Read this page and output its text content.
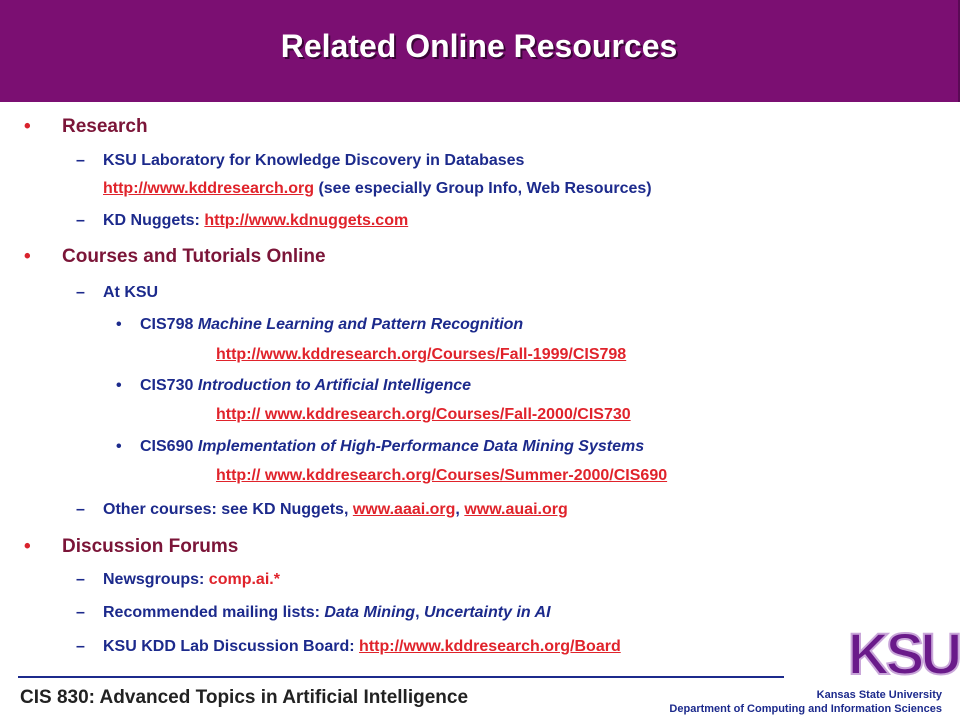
Related Online Resources
• Research
– KSU Laboratory for Knowledge Discovery in Databases
http://www.kddresearch.org (see especially Group Info, Web Resources)
– KD Nuggets: http://www.kdnuggets.com
• Courses and Tutorials Online
– At KSU
• CIS798 Machine Learning and Pattern Recognition
http://www.kddresearch.org/Courses/Fall-1999/CIS798
• CIS730 Introduction to Artificial Intelligence
http:// www.kddresearch.org/Courses/Fall-2000/CIS730
• CIS690 Implementation of High-Performance Data Mining Systems
http:// www.kddresearch.org/Courses/Summer-2000/CIS690
– Other courses: see KD Nuggets, www.aaai.org, www.auai.org
• Discussion Forums
– Newsgroups: comp.ai.*
– Recommended mailing lists: Data Mining, Uncertainty in AI
– KSU KDD Lab Discussion Board: http://www.kddresearch.org/Board
CIS 830: Advanced Topics in Artificial Intelligence	Kansas State University
Department of Computing and Information Sciences
KSU
